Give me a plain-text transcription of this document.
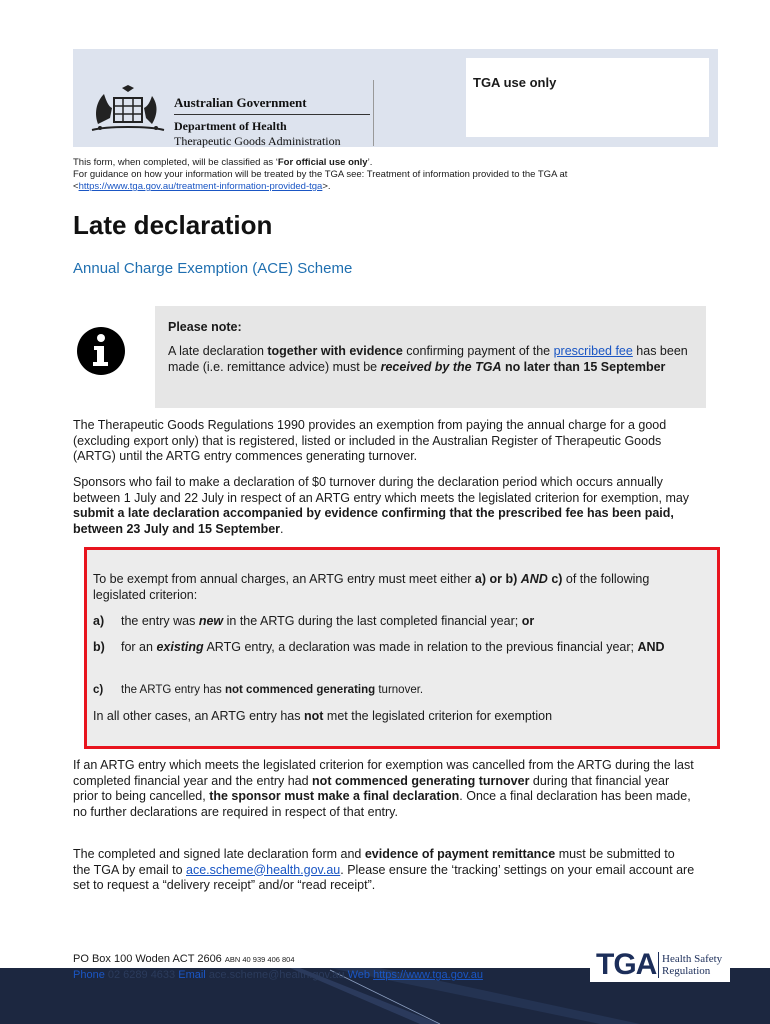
Australian Government
Department of Health
Therapeutic Goods Administration
TGA use only
This form, when completed, will be classified as ‘For official use only’.
For guidance on how your information will be treated by the TGA see: Treatment of information provided to the TGA at
<https://www.tga.gov.au/treatment-information-provided-tga>.
Late declaration
Annual Charge Exemption (ACE) Scheme
Please note:
A late declaration together with evidence confirming payment of the prescribed fee has been made (i.e. remittance advice) must be received by the TGA no later than 15 September
The Therapeutic Goods Regulations 1990 provides an exemption from paying the annual charge for a good (excluding export only) that is registered, listed or included in the Australian Register of Therapeutic Goods (ARTG) until the ARTG entry commences generating turnover.
Sponsors who fail to make a declaration of $0 turnover during the declaration period which occurs annually between 1 July and 22 July in respect of an ARTG entry which meets the legislated criterion for exemption, may submit a late declaration accompanied by evidence confirming that the prescribed fee has been paid, between 23 July and 15 September.
To be exempt from annual charges, an ARTG entry must meet either a) or b) AND c) of the following legislated criterion:
a) the entry was new in the ARTG during the last completed financial year; or
b) for an existing ARTG entry, a declaration was made in relation to the previous financial year; AND
c) the ARTG entry has not commenced generating turnover.
In all other cases, an ARTG entry has not met the legislated criterion for exemption
If an ARTG entry which meets the legislated criterion for exemption was cancelled from the ARTG during the last completed financial year and the entry had not commenced generating turnover during that financial year prior to being cancelled, the sponsor must make a final declaration. Once a final declaration has been made, no further declarations are required in respect of that entry.
The completed and signed late declaration form and evidence of payment remittance must be submitted to the TGA by email to ace.scheme@health.gov.au. Please ensure the ‘tracking’ settings on your email account are set to request a “delivery receipt” and/or “read receipt”.
PO Box 100 Woden ACT 2606 ABN 40 939 406 804
Phone 02 6289 4633 Email ace.scheme@health.gov.au Web https://www.tga.gov.au	TGA Health Safety
Regulation
